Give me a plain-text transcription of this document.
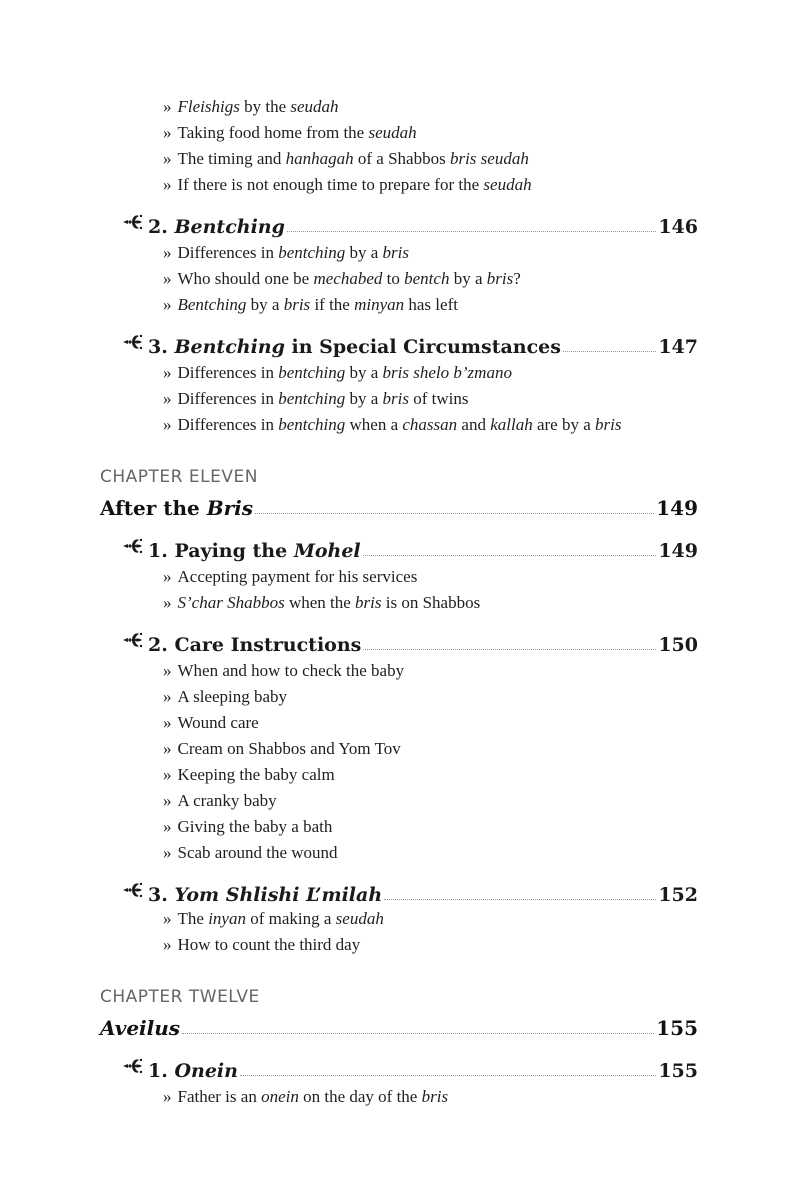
» Fleishigs by the seudah
» Taking food home from the seudah
» The timing and hanhagah of a Shabbos bris seudah
» If there is not enough time to prepare for the seudah
2. Bentching	146
» Differences in bentching by a bris
» Who should one be mechabed to bentch by a bris?
» Bentching by a bris if the minyan has left
3. Bentching in Special Circumstances	147
» Differences in bentching by a bris shelo b’zmano
» Differences in bentching by a bris of twins
» Differences in bentching when a chassan and kallah are by a bris
CHAPTER ELEVEN
After the Bris	149
1. Paying the Mohel	149
» Accepting payment for his services
» S’char Shabbos when the bris is on Shabbos
2. Care Instructions	150
» When and how to check the baby
» A sleeping baby
» Wound care
» Cream on Shabbos and Yom Tov
» Keeping the baby calm
» A cranky baby
» Giving the baby a bath
» Scab around the wound
3. Yom Shlishi L’milah	152
» The inyan of making a seudah
» How to count the third day
CHAPTER TWELVE
Aveilus	155
1. Onein	155
» Father is an onein on the day of the bris
